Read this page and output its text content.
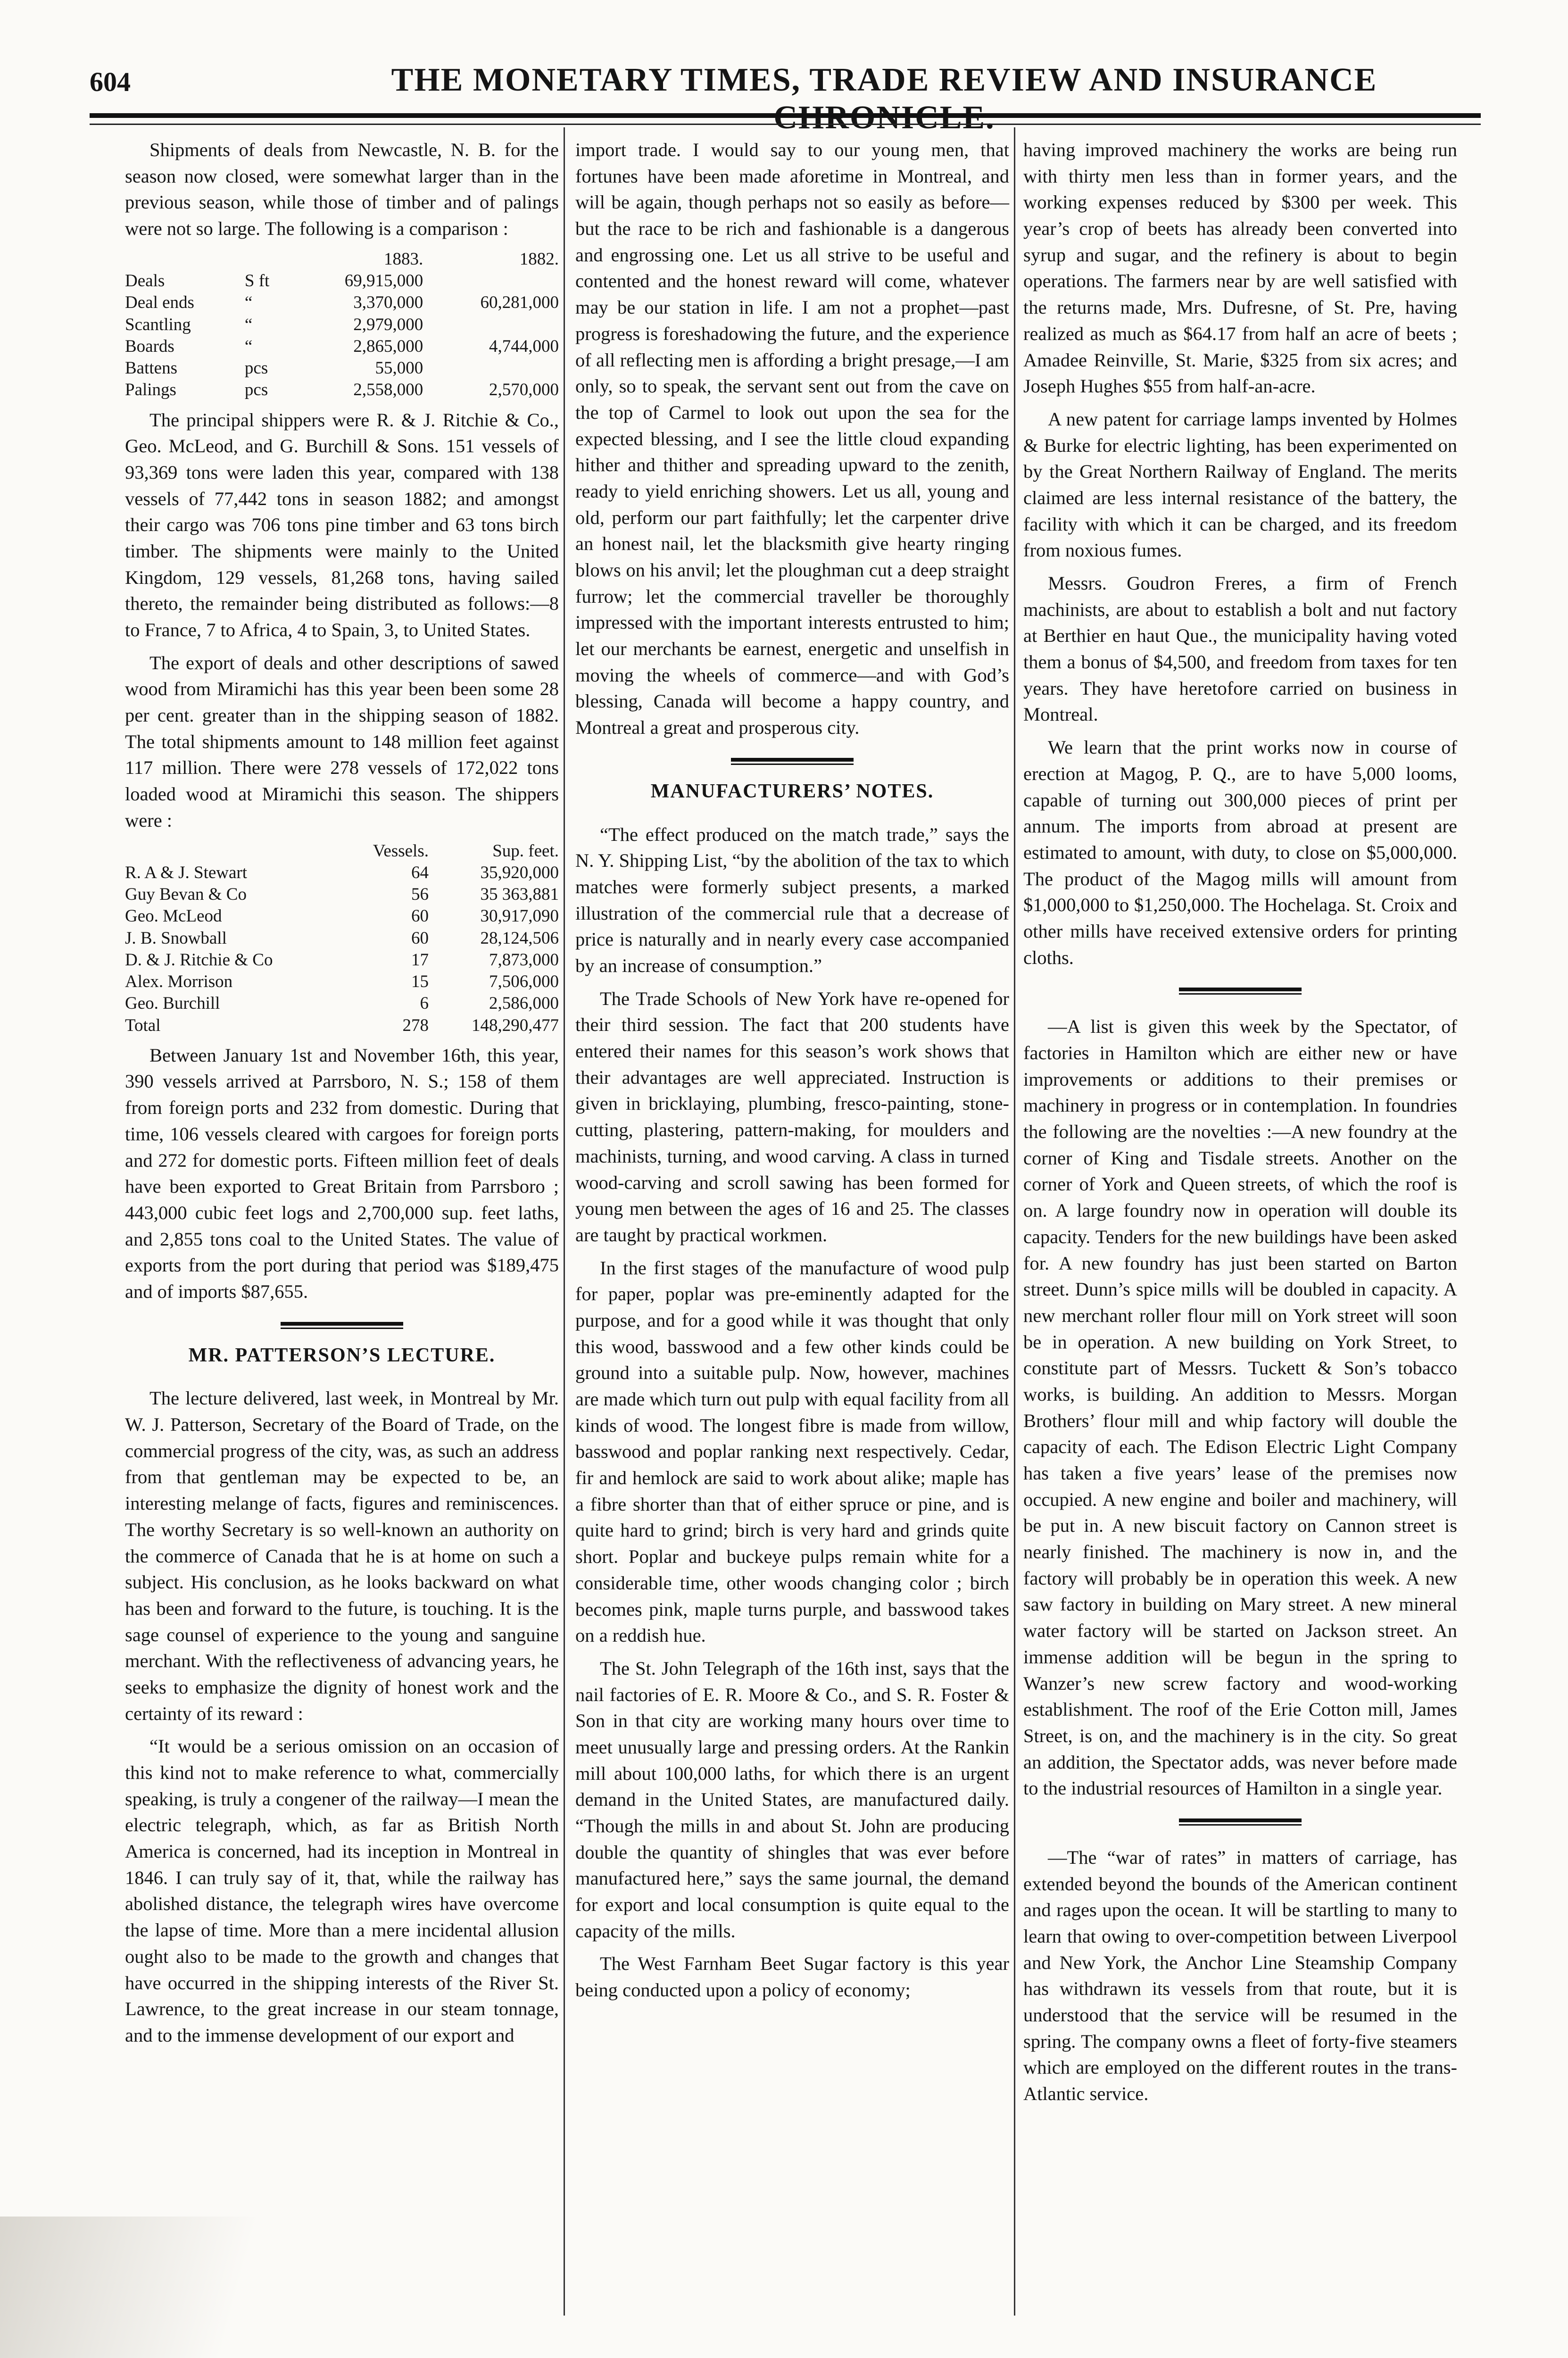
604	THE MONETARY TIMES, TRADE REVIEW AND INSURANCE

Shipments of deals from Newcastle, N. B. for the season now closed, were somewhat larger than in the previous season, while those of timber and of palings were not so large. The following is a comparison :

		1883.	1882.
Deals	S ft	69,915,000	
Deal ends	“	3,370,000	60,281,000
Scantling	“	2,979,000	
Boards	“	2,865,000	4,744,000
Battens	pcs	55,000	
Palings	pcs	2,558,000	2,570,000

The principal shippers were R. & J. Ritchie & Co., Geo. McLeod, and G. Burchill & Sons. 151 vessels of 93,369 tons were laden this year, compared with 138 vessels of 77,442 tons in season 1882; and amongst their cargo was 706 tons pine timber and 63 tons birch timber. The shipments were mainly to the United Kingdom, 129 vessels, 81,268 tons, having sailed thereto, the remainder being distributed as follows:—8 to France, 7 to Africa, 4 to Spain, 3, to United States.

The export of deals and other descriptions of sawed wood from Miramichi has this year been been some 28 per cent. greater than in the shipping season of 1882. The total shipments amount to 148 million feet against 117 million. There were 278 vessels of 172,022 tons loaded wood at Miramichi this season. The shippers were :

	Vessels.	Sup. feet.
R. A & J. Stewart	64	35,920,000
Guy Bevan & Co	56	35 363,881
Geo. McLeod	60	30,917,090
J. B. Snowball	60	28,124,506
D. & J. Ritchie & Co	17	7,873,000
Alex. Morrison	15	7,506,000
Geo. Burchill	6	2,586,000
Total	278	148,290,477

Between January 1st and November 16th, this year, 390 vessels arrived at Parrsboro, N. S.; 158 of them from foreign ports and 232 from domestic. During that time, 106 vessels cleared with cargoes for foreign ports and 272 for domestic ports. Fifteen million feet of deals have been exported to Great Britain from Parrsboro ; 443,000 cubic feet logs and 2,700,000 sup. feet laths, and 2,855 tons coal to the United States. The value of exports from the port during that period was $189,475 and of imports $87,655.

MR. PATTERSON’S LECTURE.

The lecture delivered, last week, in Montreal by Mr. W. J. Patterson, Secretary of the Board of Trade, on the commercial progress of the city, was, as such an address from that gentleman may be expected to be, an interesting melange of facts, figures and reminiscences. The worthy Secretary is so well-known an authority on the commerce of Canada that he is at home on such a subject. His conclusion, as he looks backward on what has been and forward to the future, is touching. It is the sage counsel of experience to the young and sanguine merchant. With the reflectiveness of advancing years, he seeks to emphasize the dignity of honest work and the certainty of its reward :

“It would be a serious omission on an occasion of this kind not to make reference to what, commercially speaking, is truly a congener of the railway—I mean the electric telegraph, which, as far as British North America is concerned, had its inception in Montreal in 1846. I can truly say of it, that, while the railway has abolished distance, the telegraph wires have overcome the lapse of time. More than a mere incidental allusion ought also to be made to the growth and changes that have occurred in the shipping interests of the River St. Lawrence, to the great increase in our steam tonnage, and to the immense development of our export and

import trade. I would say to our young men, that fortunes have been made aforetime in Montreal, and will be again, though perhaps not so easily as before—but the race to be rich and fashionable is a dangerous and engrossing one. Let us all strive to be useful and contented and the honest reward will come, whatever may be our station in life. I am not a prophet—past progress is foreshadowing the future, and the experience of all reflecting men is affording a bright presage,—I am only, so to speak, the servant sent out from the cave on the top of Carmel to look out upon the sea for the expected blessing, and I see the little cloud expanding hither and thither and spreading upward to the zenith, ready to yield enriching showers. Let us all, young and old, perform our part faithfully; let the carpenter drive an honest nail, let the blacksmith give hearty ringing blows on his anvil; let the ploughman cut a deep straight furrow; let the commercial traveller be thoroughly impressed with the important interests entrusted to him; let our merchants be earnest, energetic and unselfish in moving the wheels of commerce—and with God’s blessing, Canada will become a happy country, and Montreal a great and prosperous city.

MANUFACTURERS’ NOTES.

“The effect produced on the match trade,” says the N. Y. Shipping List, “by the abolition of the tax to which matches were formerly subject presents, a marked illustration of the commercial rule that a decrease of price is naturally and in nearly every case accompanied by an increase of consumption.”

The Trade Schools of New York have re-opened for their third session. The fact that 200 students have entered their names for this season’s work shows that their advantages are well appreciated. Instruction is given in bricklaying, plumbing, fresco-painting, stone-cutting, plastering, pattern-making, for moulders and machinists, turning, and wood carving. A class in turned wood-carving and scroll sawing has been formed for young men between the ages of 16 and 25. The classes are taught by practical workmen.

In the first stages of the manufacture of wood pulp for paper, poplar was pre-eminently adapted for the purpose, and for a good while it was thought that only this wood, basswood and a few other kinds could be ground into a suitable pulp. Now, however, machines are made which turn out pulp with equal facility from all kinds of wood. The longest fibre is made from willow, basswood and poplar ranking next respectively. Cedar, fir and hemlock are said to work about alike; maple has a fibre shorter than that of either spruce or pine, and is quite hard to grind; birch is very hard and grinds quite short. Poplar and buckeye pulps remain white for a considerable time, other woods changing color ; birch becomes pink, maple turns purple, and basswood takes on a reddish hue.

The St. John Telegraph of the 16th inst, says that the nail factories of E. R. Moore & Co., and S. R. Foster & Son in that city are working many hours over time to meet unusually large and pressing orders. At the Rankin mill about 100,000 laths, for which there is an urgent demand in the United States, are manufactured daily. “Though the mills in and about St. John are producing double the quantity of shingles that was ever before manufactured here,” says the same journal, the demand for export and local consumption is quite equal to the capacity of the mills.

The West Farnham Beet Sugar factory is this year being conducted upon a policy of economy;

having improved machinery the works are being run with thirty men less than in former years, and the working expenses reduced by $300 per week. This year’s crop of beets has already been converted into syrup and sugar, and the refinery is about to begin operations. The farmers near by are well satisfied with the returns made, Mrs. Dufresne, of St. Pre, having realized as much as $64.17 from half an acre of beets ; Amadee Reinville, St. Marie, $325 from six acres; and Joseph Hughes $55 from half-an-acre.

A new patent for carriage lamps invented by Holmes & Burke for electric lighting, has been experimented on by the Great Northern Railway of England. The merits claimed are less internal resistance of the battery, the facility with which it can be charged, and its freedom from noxious fumes.

Messrs. Goudron Freres, a firm of French machinists, are about to establish a bolt and nut factory at Berthier en haut Que., the municipality having voted them a bonus of $4,500, and freedom from taxes for ten years. They have heretofore carried on business in Montreal.

We learn that the print works now in course of erection at Magog, P. Q., are to have 5,000 looms, capable of turning out 300,000 pieces of print per annum. The imports from abroad at present are estimated to amount, with duty, to close on $5,000,000. The product of the Magog mills will amount from $1,000,000 to $1,250,000. The Hochelaga. St. Croix and other mills have received extensive orders for printing cloths.

—A list is given this week by the Spectator, of factories in Hamilton which are either new or have improvements or additions to their premises or machinery in progress or in contemplation. In foundries the following are the novelties :—A new foundry at the corner of King and Tisdale streets. Another on the corner of York and Queen streets, of which the roof is on. A large foundry now in operation will double its capacity. Tenders for the new buildings have been asked for. A new foundry has just been started on Barton street. Dunn’s spice mills will be doubled in capacity. A new merchant roller flour mill on York street will soon be in operation. A new building on York Street, to constitute part of Messrs. Tuckett & Son’s tobacco works, is building. An addition to Messrs. Morgan Brothers’ flour mill and whip factory will double the capacity of each. The Edison Electric Light Company has taken a five years’ lease of the premises now occupied. A new engine and boiler and machinery, will be put in. A new biscuit factory on Cannon street is nearly finished. The machinery is now in, and the factory will probably be in operation this week. A new saw factory in building on Mary street. A new mineral water factory will be started on Jackson street. An immense addition will be begun in the spring to Wanzer’s new screw factory and wood-working establishment. The roof of the Erie Cotton mill, James Street, is on, and the machinery is in the city. So great an addition, the Spectator adds, was never before made to the industrial resources of Hamilton in a single year.

—The “war of rates” in matters of carriage, has extended beyond the bounds of the American continent and rages upon the ocean. It will be startling to many to learn that owing to over-competition between Liverpool and New York, the Anchor Line Steamship Company has withdrawn its vessels from that route, but it is understood that the service will be resumed in the spring. The company owns a fleet of forty-five steamers which are employed on the different routes in the trans-Atlantic service.
